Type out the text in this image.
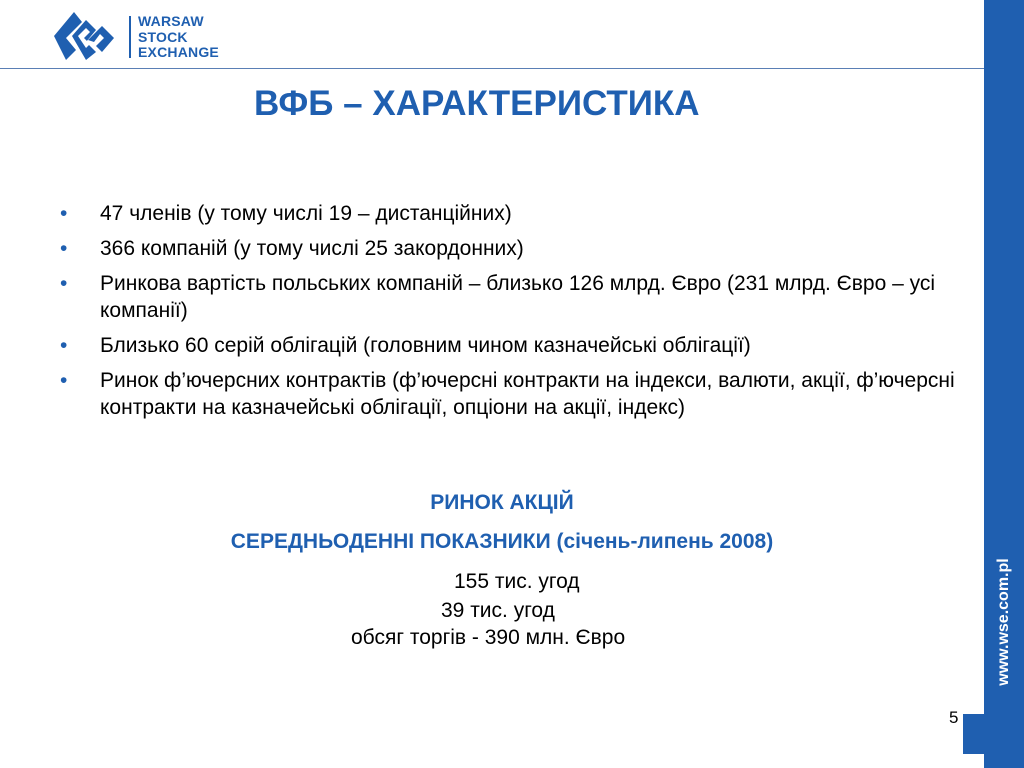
WARSAW
STOCK
EXCHANGE
www.wse.com.pl
ВФБ – ХАРАКТЕРИСТИКА
• 47 членів (у тому числі 19 – дистанційних)
• 366 компаній (у тому числі 25 закордонних)
• Ринкова вартість польських компаній – близько 126 млрд. Євро (231 млрд. Євро – усі компанії)
• Близько 60 серій облігацій (головним чином казначейські облігації)
• Ринок ф’ючерсних контрактів (ф’ючерсні контракти на індекси, валюти, акції, ф’ючерсні контракти на казначейські облігації, опціони на акції, індекс)
РИНОК АКЦІЙ
СЕРЕДНЬОДЕННІ ПОКАЗНИКИ (січень-липень 2008)
155 тис. угод
39 тис. угод
обсяг торгів - 390 млн. Євро
5
